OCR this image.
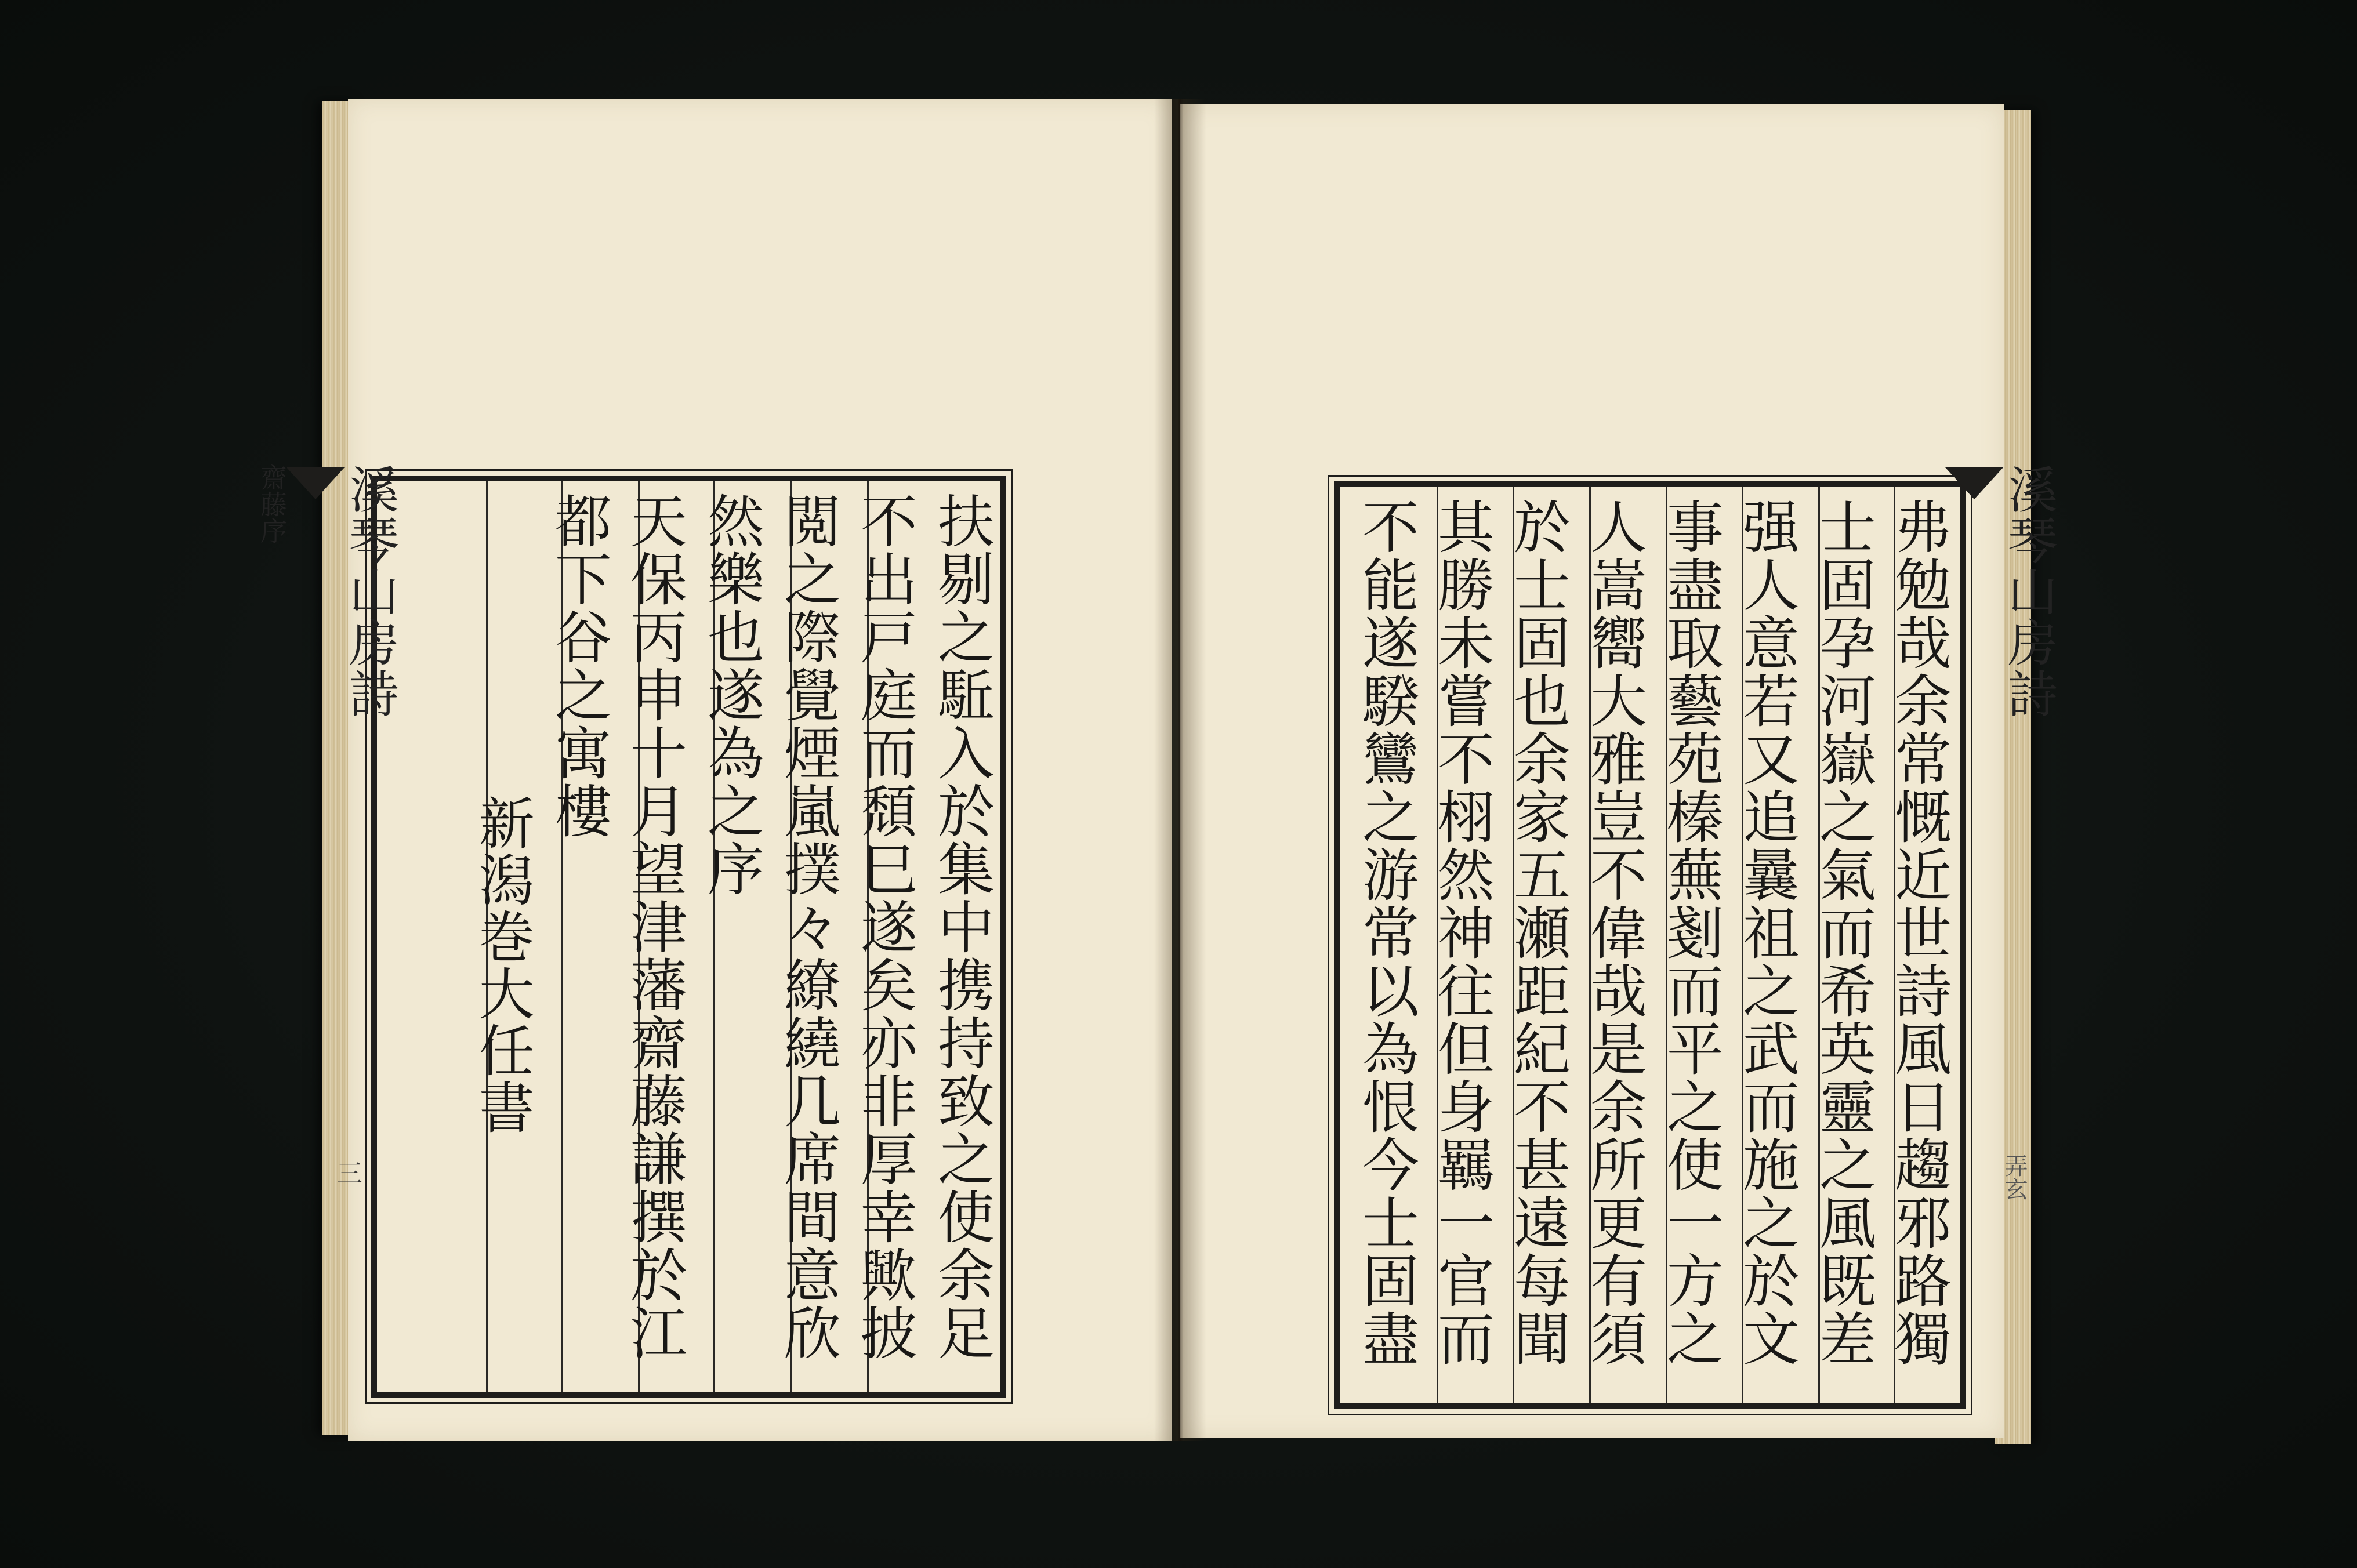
扶剔之駈入於集中携持致之使余足
不出戸庭而頹巳遂矣亦非厚幸歟披
閲之際覺煙嵐撲々繚繞几席間意欣
然樂也遂為之序
天保丙申十月望津藩齋藤謙撰於江
都下谷之寓樓
新潟巻大任書
溪琴山房詩
齋藤序
三	弗勉哉余常慨近世詩風日趨邪路獨
士固孕河嶽之氣而希英靈之風既差
强人意若又追曩祖之武而施之於文
事盡取藝苑榛蕪剗而平之使一方之
人嵩嚮大雅豈不偉哉是余所更有須
於士固也余家五瀬距紀不甚遠每聞
其勝未嘗不栩然神往但身羈一官而
不能遂騤鸞之游常以為恨今士固盡	溪琴山房詩
弄玄
